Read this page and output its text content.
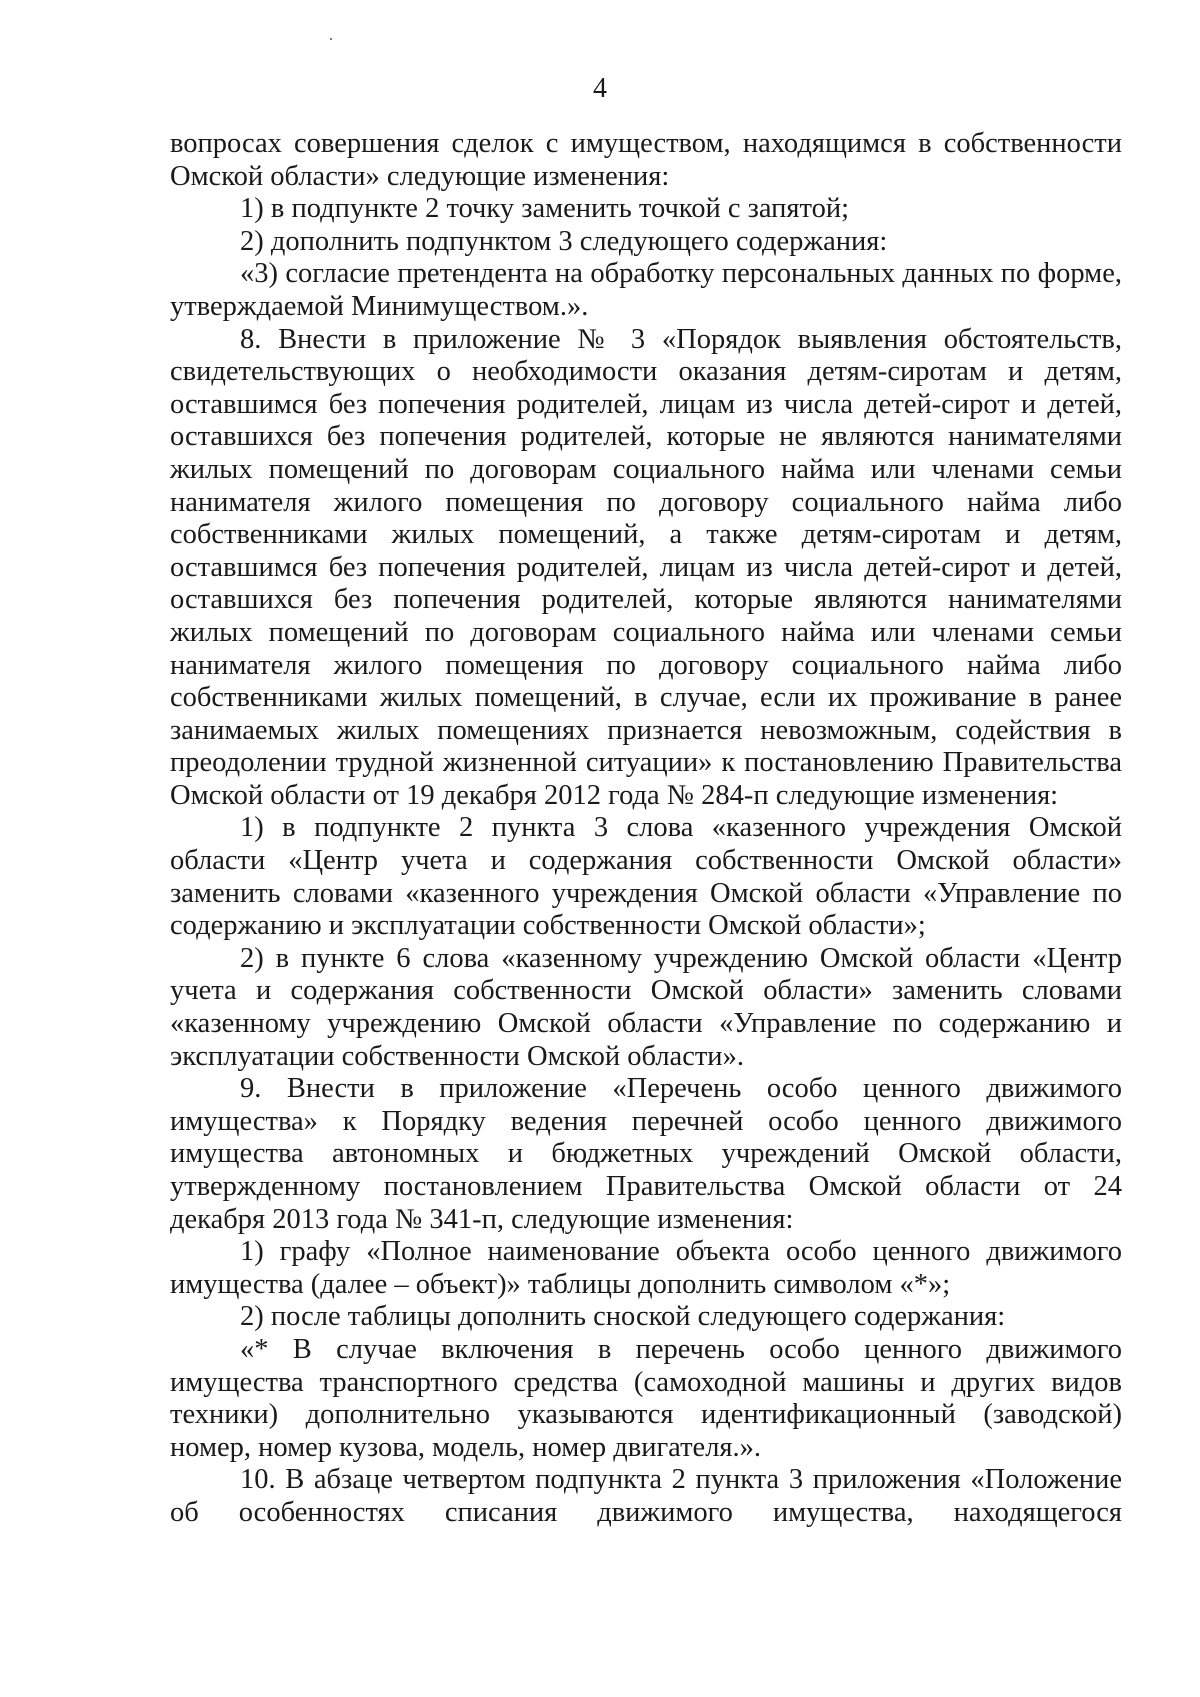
4

вопросах совершения сделок с имуществом, находящимся в собственности Омской области» следующие изменения:

1) в подпункте 2 точку заменить точкой с запятой;

2) дополнить подпунктом 3 следующего содержания:

«3) согласие претендента на обработку персональных данных по форме, утверждаемой Минимуществом.».

8. Внести в приложение № 3 «Порядок выявления обстоятельств, свидетельствующих о необходимости оказания детям-сиротам и детям, оставшимся без попечения родителей, лицам из числа детей-сирот и детей, оставшихся без попечения родителей, которые не являются нанимателями жилых помещений по договорам социального найма или членами семьи нанимателя жилого помещения по договору социального найма либо собственниками жилых помещений, а также детям-сиротам и детям, оставшимся без попечения родителей, лицам из числа детей-сирот и детей, оставшихся без попечения родителей, которые являются нанимателями жилых помещений по договорам социального найма или членами семьи нанимателя жилого помещения по договору социального найма либо собственниками жилых помещений, в случае, если их проживание в ранее занимаемых жилых помещениях признается невозможным, содействия в преодолении трудной жизненной ситуации» к постановлению Правительства Омской области от 19 декабря 2012 года № 284-п следующие изменения:

1) в подпункте 2 пункта 3 слова «казенного учреждения Омской области «Центр учета и содержания собственности Омской области» заменить словами «казенного учреждения Омской области «Управление по содержанию и эксплуатации собственности Омской области»;

2) в пункте 6 слова «казенному учреждению Омской области «Центр учета и содержания собственности Омской области» заменить словами «казенному учреждению Омской области «Управление по содержанию и эксплуатации собственности Омской области».

9. Внести в приложение «Перечень особо ценного движимого имущества» к Порядку ведения перечней особо ценного движимого имущества автономных и бюджетных учреждений Омской области, утвержденному постановлением Правительства Омской области от 24 декабря 2013 года № 341-п, следующие изменения:

1) графу «Полное наименование объекта особо ценного движимого имущества (далее – объект)» таблицы дополнить символом «*»;

2) после таблицы дополнить сноской следующего содержания:

«* В случае включения в перечень особо ценного движимого имущества транспортного средства (самоходной машины и других видов техники) дополнительно указываются идентификационный (заводской) номер, номер кузова, модель, номер двигателя.».

10. В абзаце четвертом подпункта 2 пункта 3 приложения «Положение об особенностях списания движимого имущества, находящегося
